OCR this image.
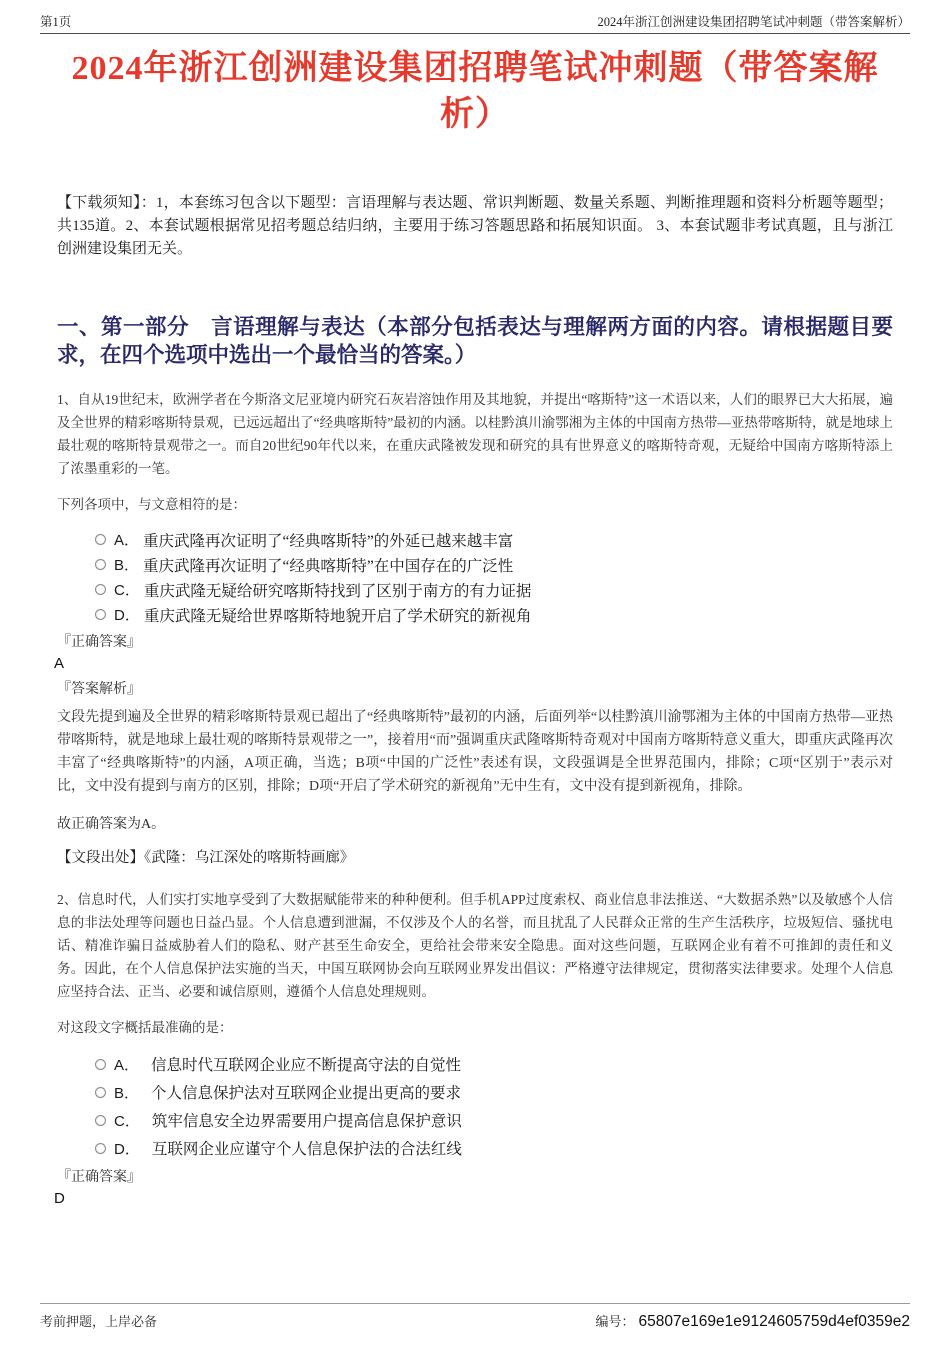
第1页	2024年浙江创洲建设集团招聘笔试冲刺题（带答案解析）
2024年浙江创洲建设集团招聘笔试冲刺题（带答案解析）

【下载须知】：1，本套练习包含以下题型：言语理解与表达题、常识判断题、数量关系题、判断推理题和资料分析题等题型；共135道。2、本套试题根据常见招考题总结归纳，主要用于练习答题思路和拓展知识面。 3、本套试题非考试真题，且与浙江创洲建设集团无关。

一、第一部分　言语理解与表达（本部分包括表达与理解两方面的内容。请根据题目要求，在四个选项中选出一个最恰当的答案。）

1、自从19世纪末，欧洲学者在今斯洛文尼亚境内研究石灰岩溶蚀作用及其地貌，并提出“喀斯特”这一术语以来，人们的眼界已大大拓展，遍及全世界的精彩喀斯特景观，已远远超出了“经典喀斯特”最初的内涵。以桂黔滇川渝鄂湘为主体的中国南方热带—亚热带喀斯特，就是地球上最壮观的喀斯特景观带之一。而自20世纪90年代以来，在重庆武隆被发现和研究的具有世界意义的喀斯特奇观，无疑给中国南方喀斯特添上了浓墨重彩的一笔。

下列各项中，与文意相符的是：

A． 重庆武隆再次证明了“经典喀斯特”的外延已越来越丰富
B． 重庆武隆再次证明了“经典喀斯特”在中国存在的广泛性
C． 重庆武隆无疑给研究喀斯特找到了区别于南方的有力证据
D． 重庆武隆无疑给世界喀斯特地貌开启了学术研究的新视角

『正确答案』

A

『答案解析』

文段先提到遍及全世界的精彩喀斯特景观已超出了“经典喀斯特”最初的内涵，后面列举“以桂黔滇川渝鄂湘为主体的中国南方热带—亚热带喀斯特，就是地球上最壮观的喀斯特景观带之一”，接着用“而”强调重庆武隆喀斯特奇观对中国南方喀斯特意义重大，即重庆武隆再次丰富了“经典喀斯特”的内涵，A项正确，当选；B项“中国的广泛性”表述有误，文段强调是全世界范围内，排除；C项“区别于”表示对比，文中没有提到与南方的区别，排除；D项“开启了学术研究的新视角”无中生有，文中没有提到新视角，排除。

故正确答案为A。

【文段出处】《武隆：乌江深处的喀斯特画廊》

2、信息时代，人们实打实地享受到了大数据赋能带来的种种便利。但手机APP过度索权、商业信息非法推送、“大数据杀熟”以及敏感个人信息的非法处理等问题也日益凸显。个人信息遭到泄漏，不仅涉及个人的名誉，而且扰乱了人民群众正常的生产生活秩序，垃圾短信、骚扰电话、精准诈骗日益威胁着人们的隐私、财产甚至生命安全，更给社会带来安全隐患。面对这些问题，互联网企业有着不可推卸的责任和义务。因此，在个人信息保护法实施的当天，中国互联网协会向互联网业界发出倡议：严格遵守法律规定，贯彻落实法律要求。处理个人信息应坚持合法、正当、必要和诚信原则，遵循个人信息处理规则。

对这段文字概括最准确的是：

A． 信息时代互联网企业应不断提高守法的自觉性
B． 个人信息保护法对互联网企业提出更高的要求
C． 筑牢信息安全边界需要用户提高信息保护意识
D． 互联网企业应谨守个人信息保护法的合法红线

『正确答案』

D

考前押题，上岸必备	编号： 65807e169e1e9124605759d4ef0359e2
